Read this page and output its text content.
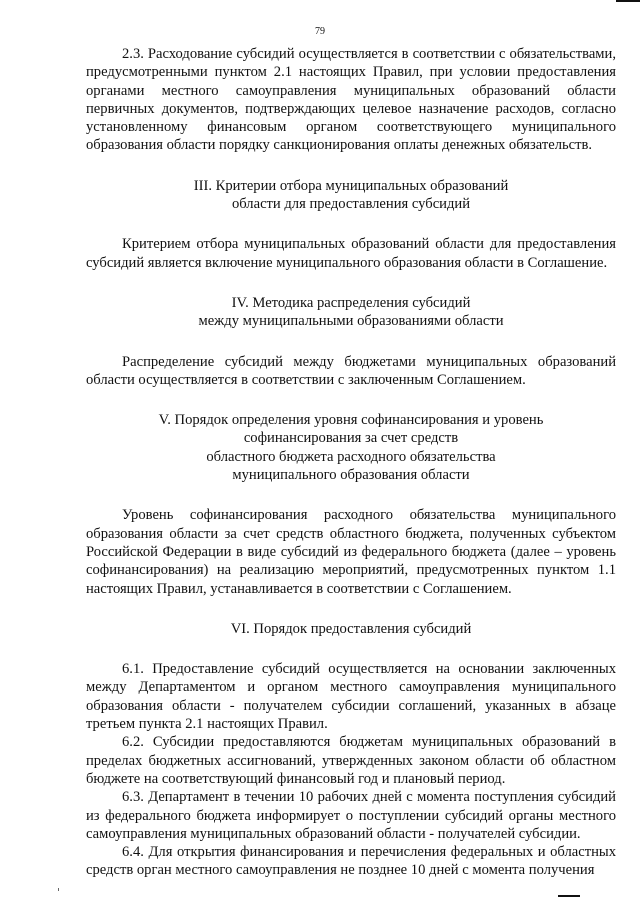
79

2.3. Расходование субсидий осуществляется в соответствии с обязательствами, предусмотренными пунктом 2.1 настоящих Правил, при условии предоставления органами местного самоуправления муниципальных образований области первичных документов, подтверждающих целевое назначение расходов, согласно установленному финансовым органом соответствующего муниципального образования области порядку санкционирования оплаты денежных обязательств.

III. Критерии отбора муниципальных образований

области для предоставления субсидий

Критерием отбора муниципальных образований области для предоставления субсидий является включение муниципального образования области в Соглашение.

IV. Методика распределения субсидий

между муниципальными образованиями области

Распределение субсидий между бюджетами муниципальных образований области осуществляется в соответствии с заключенным Соглашением.

V. Порядок определения уровня софинансирования и уровень

софинансирования за счет средств

областного бюджета расходного обязательства

муниципального образования области

Уровень софинансирования расходного обязательства муниципального образования области за счет средств областного бюджета, полученных субъектом Российской Федерации в виде субсидий из федерального бюджета (далее – уровень софинансирования) на реализацию мероприятий, предусмотренных пунктом 1.1 настоящих Правил, устанавливается в соответствии с Соглашением.

VI. Порядок предоставления субсидий

6.1. Предоставление субсидий осуществляется на основании заключенных между Департаментом и органом местного самоуправления муниципального образования области - получателем субсидии соглашений, указанных в абзаце третьем пункта 2.1 настоящих Правил.

6.2. Субсидии предоставляются бюджетам муниципальных образований в пределах бюджетных ассигнований, утвержденных законом области об областном бюджете на соответствующий финансовый год и плановый период.

6.3. Департамент в течении 10 рабочих дней с момента поступления субсидий из федерального бюджета информирует о поступлении субсидий органы местного самоуправления муниципальных образований области - получателей субсидии.

6.4. Для открытия финансирования и перечисления федеральных и областных средств орган местного самоуправления не позднее 10 дней с момента получения
